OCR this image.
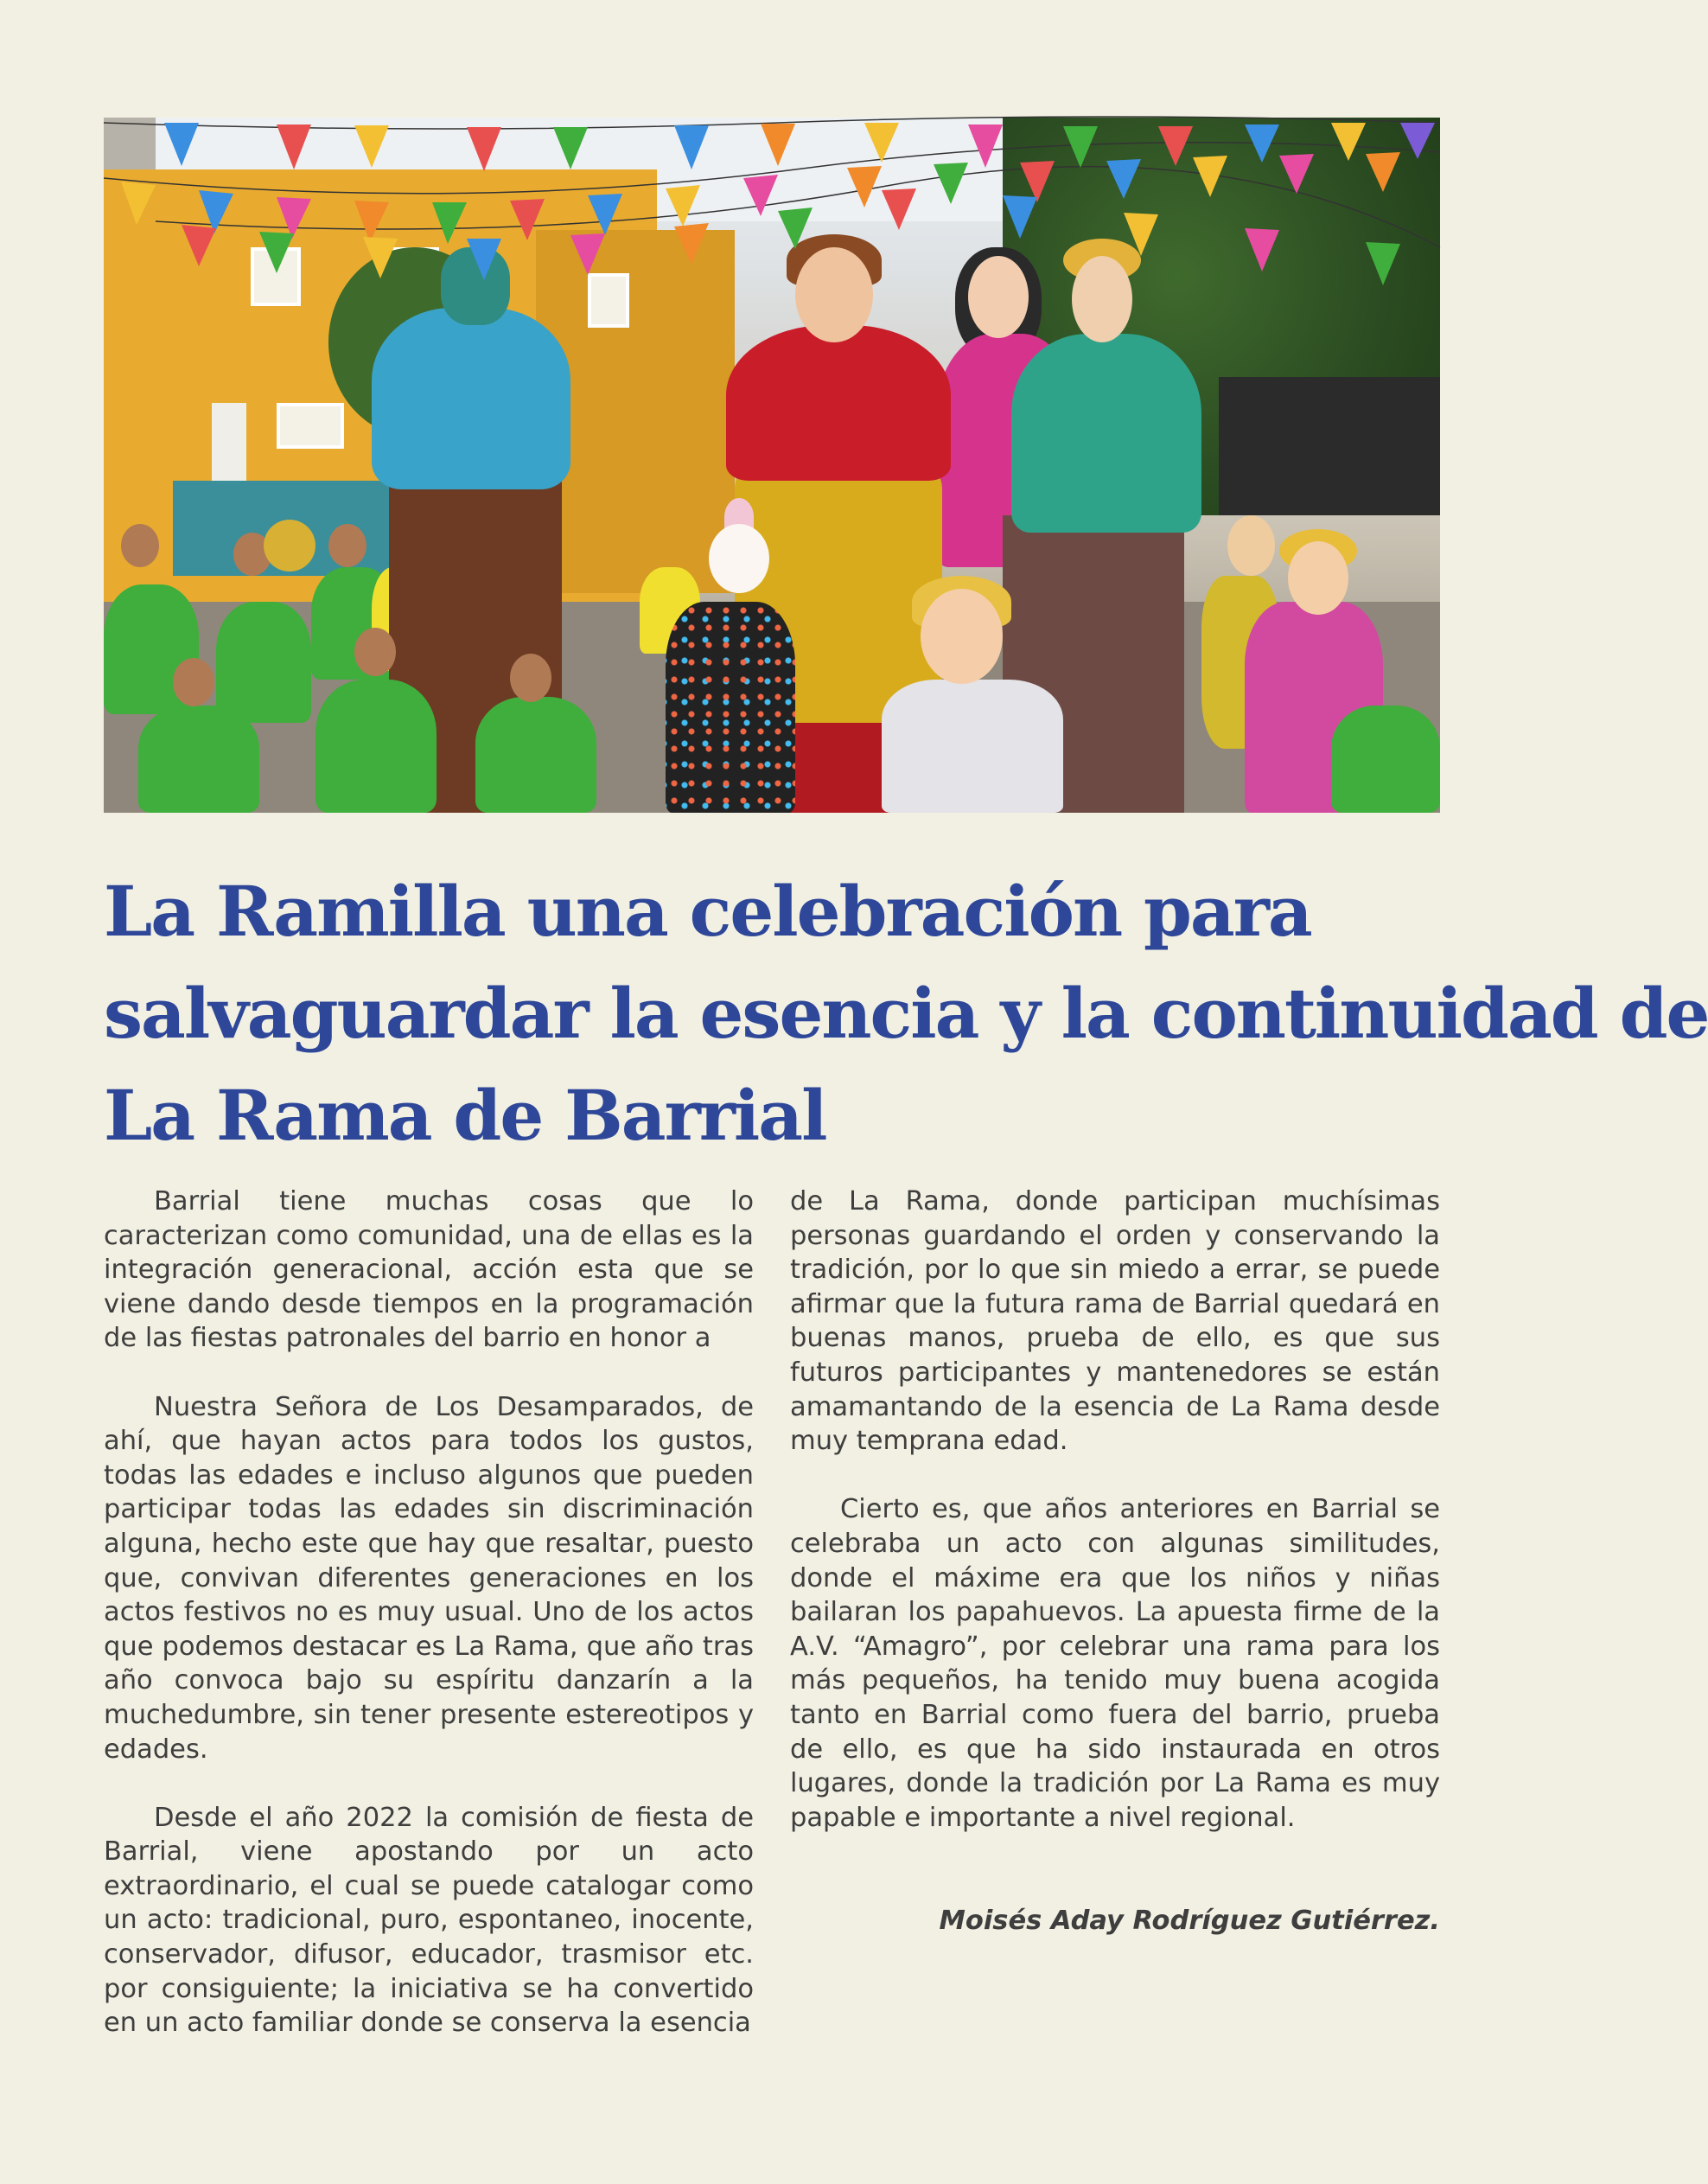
La Ramilla una celebración para
salvaguardar la esencia y la continuidad de
La Rama de Barrial

Barrial tiene muchas cosas que lo caracterizan como comunidad, una de ellas es la integración generacional, acción esta que se viene dando desde tiempos en la programación de las fiestas patronales del barrio en honor a

Nuestra Señora de Los Desamparados, de ahí, que hayan actos para todos los gustos, todas las edades e incluso algunos que pueden participar todas las edades sin discriminación alguna, hecho este que hay que resaltar, puesto que, convivan diferentes generaciones en los actos festivos no es muy usual. Uno de los actos que podemos destacar es La Rama, que año tras año convoca bajo su espíritu danzarín a la muchedumbre, sin tener presente estereotipos y edades.

Desde el año 2022 la comisión de fiesta de Barrial, viene apostando por un acto extraordinario, el cual se puede catalogar como un acto: tradicional, puro, espontaneo, inocente, conservador, difusor, educador, trasmisor etc. por consiguiente; la iniciativa se ha convertido en un acto familiar donde se conserva la esencia

de La Rama, donde participan muchísimas personas guardando el orden y conservando la tradición, por lo que sin miedo a errar, se puede afirmar que la futura rama de Barrial quedará en buenas manos, prueba de ello, es que sus futuros participantes y mantenedores se están amamantando de la esencia de La Rama desde muy temprana edad.

Cierto es, que años anteriores en Barrial se celebraba un acto con algunas similitudes, donde el máxime era que los niños y niñas bailaran los papahuevos. La apuesta firme de la A.V. “Amagro”, por celebrar una rama para los más pequeños, ha tenido muy buena acogida tanto en Barrial como fuera del barrio, prueba de ello, es que ha sido instaurada en otros lugares, donde la tradición por La Rama es muy papable e importante a nivel regional.

Moisés Aday Rodríguez Gutiérrez.
